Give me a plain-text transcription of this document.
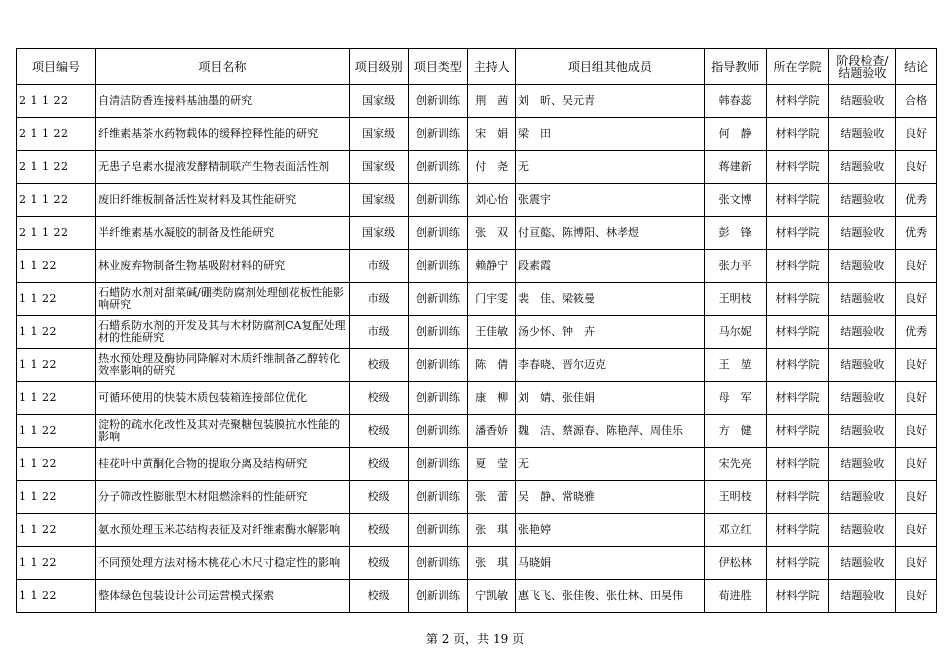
项目编号	项目名称	项目级别	项目类型	主持人	项目组其他成员	指导教师	所在学院	阶段检查/结题验收	结论
2 1 1 22	自清洁防香连接料基油墨的研究	国家级	创新训练	荆　茜	刘　昕、吴元青	韩春蕊	材料学院	结题验收	合格
2 1 1 22	纤维素基茶水药物载体的缓释控释性能的研究	国家级	创新训练	宋　娟	梁　田	何　静	材料学院	结题验收	良好
2 1 1 22	无患子皂素水提液发酵精制联产生物表面活性剂	国家级	创新训练	付　尧	无	蒋建新	材料学院	结题验收	良好
2 1 1 22	废旧纤维板制备活性炭材料及其性能研究	国家级	创新训练	刘心怡	张震宇	张文博	材料学院	结题验收	优秀
2 1 1 22	半纤维素基水凝胶的制备及性能研究	国家级	创新训练	张　双	付亘㦤、陈博阳、林孝煜	彭　锋	材料学院	结题验收	优秀
1 1 22	林业废弃物制备生物基吸附材料的研究	市级	创新训练	赖静宁	段素霞	张力平	材料学院	结题验收	良好
1 1 22	石蜡防水剂对甜菜碱/硼类防腐剂处理刨花板性能影响研究	市级	创新训练	门宇雯	裴　佳、梁筱曼	王明枝	材料学院	结题验收	良好
1 1 22	石蜡系防水剂的开发及其与木材防腐剂CA复配处理材的性能研究	市级	创新训练	王佳敏	汤少怀、钟　卉	马尔妮	材料学院	结题验收	优秀
1 1 22	热水预处理及酶协同降解对木质纤维制备乙醇转化效率影响的研究	校级	创新训练	陈　倩	李春晓、晋尔迈克	王　堃	材料学院	结题验收	良好
1 1 22	可循环使用的快装木质包装箱连接部位优化	校级	创新训练	康　柳	刘　婧、张佳娟	母　军	材料学院	结题验收	良好
1 1 22	淀粉的疏水化改性及其对壳聚糖包装膜抗水性能的影响	校级	创新训练	潘香娇	魏　洁、蔡源春、陈艳萍、周佳乐	方　健	材料学院	结题验收	良好
1 1 22	桂花叶中黄酮化合物的提取分离及结构研究	校级	创新训练	夏　莹	无	宋先亮	材料学院	结题验收	良好
1 1 22	分子筛改性膨胀型木材阻燃涂料的性能研究	校级	创新训练	张　蕾	吴　静、常晓雅	王明枝	材料学院	结题验收	良好
1 1 22	氨水预处理玉米芯结构表征及对纤维素酶水解影响	校级	创新训练	张　琪	张艳婷	邓立红	材料学院	结题验收	良好
1 1 22	不同预处理方法对杨木桃花心木尺寸稳定性的影响	校级	创新训练	张　琪	马晓娟	伊松林	材料学院	结题验收	良好
1 1 22	整体绿色包装设计公司运营模式探索	校级	创新训练	宁凯敏	惠飞飞、张佳俊、张仕林、田昊伟	荀进胜	材料学院	结题验收	良好
第 2 页，共 19 页
